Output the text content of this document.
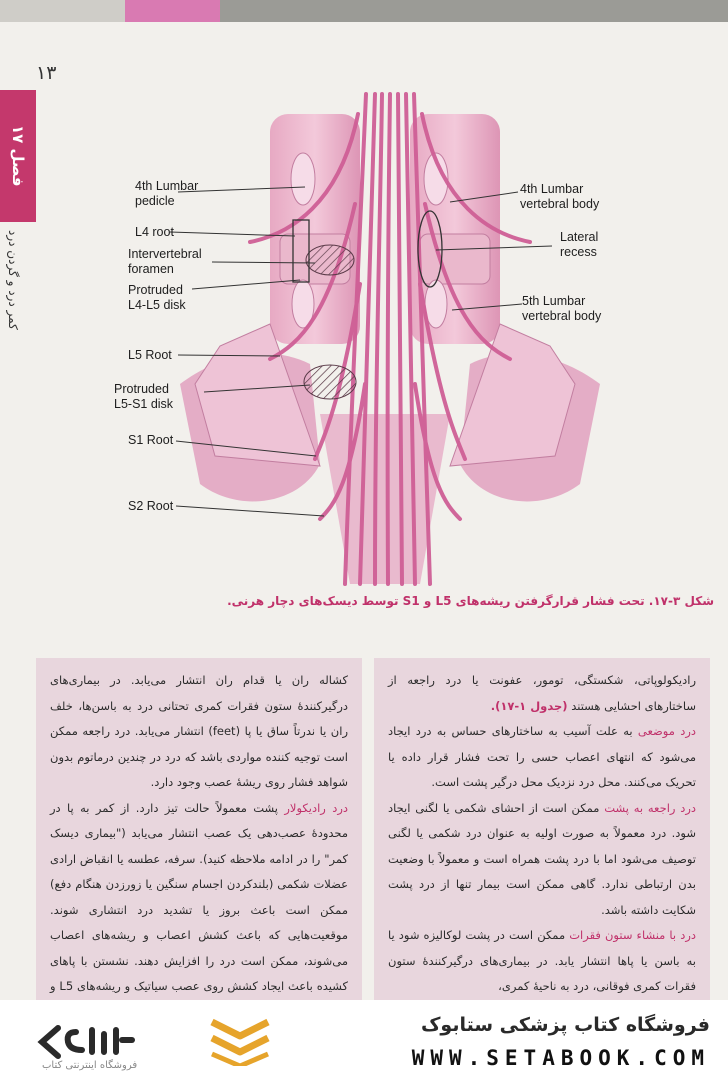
۱۳
فصل ۱۷
کمر درد و گردن درد
4th Lumbar
pedicle
L4 root
Intervertebral
foramen
Protruded
L4-L5 disk
L5 Root
Protruded
L5-S1 disk
S1 Root
S2 Root
4th Lumbar
vertebral body
Lateral
recess
5th Lumbar
vertebral body
شکل ۳-۱۷. تحت فشار قرارگرفتن ریشه‌های L5 و S1 توسط دیسک‌های دچار هرنی.

رادیکولوپاتی، شکستگی، تومور، عفونت یا درد راجعه از ساختارهای احشایی هستند (جدول ۱-۱۷).

درد موضعی به علت آسیب به ساختارهای حساس به درد ایجاد می‌شود که انتهای اعصاب حسی را تحت فشار قرار داده یا تحریک می‌کنند. محل درد نزدیک محل درگیر پشت است.

درد راجعه به پشت ممکن است از احشای شکمی یا لگنی ایجاد شود. درد معمولاً به صورت اولیه به عنوان درد شکمی یا لگنی توصیف می‌شود اما با درد پشت همراه است و معمولاً با وضعیت بدن ارتباطی ندارد. گاهی ممکن است بیمار تنها از درد پشت شکایت داشته باشد.

درد با منشاء ستون فقرات ممکن است در پشت لوکالیزه شود یا به باسن یا پاها انتشار یابد. در بیماری‌های درگیرکنندهٔ ستون فقرات کمری فوقانی، درد به ناحیهٔ کمری،

کشاله ران یا قدام ران انتشار می‌یابد. در بیماری‌های درگیرکنندهٔ ستون فقرات کمری تحتانی درد به باسن‌ها، خلف ران یا ندرتاً ساق یا پا (feet) انتشار می‌یابد. درد راجعه ممکن است توجیه کننده مواردی باشد که درد در چندین درماتوم بدون شواهد فشار روی ریشهٔ عصب وجود دارد.

درد رادیکولار پشت معمولاً حالت تیز دارد. از کمر به پا در محدودهٔ عصب‌دهی یک عصب انتشار می‌یابد ("بیماری دیسک کمر" را در ادامه ملاحظه کنید). سرفه، عطسه یا انقباض ارادی عضلات شکمی (بلندکردن اجسام سنگین یا زورزدن هنگام دفع) ممکن است باعث بروز یا تشدید درد انتشاری شوند. موقعیت‌هایی که باعث کشش اعصاب و ریشه‌های اعصاب می‌شوند، ممکن است درد را افزایش دهند. نشستن با پاهای کشیده باعث ایجاد کشش روی عصب سیاتیک و ریشه‌های L5 و

فروشگاه اینترنتی کتاب
فروشگاه کتاب پزشکی ستابوک
WWW.SETABOOK.COM
